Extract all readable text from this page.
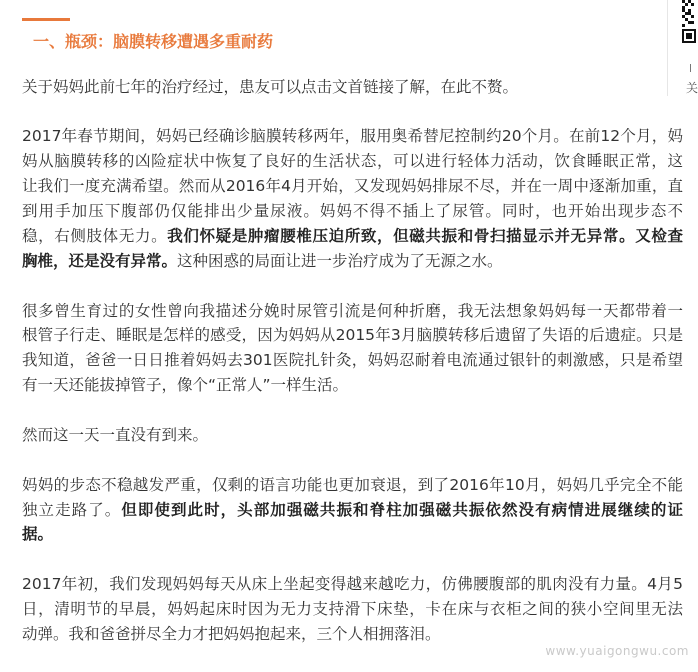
一、瓶颈：脑膜转移遭遇多重耐药
关
关于妈妈此前七年的治疗经过，患友可以点击文首链接了解，在此不赘。
2017年春节期间，妈妈已经确诊脑膜转移两年，服用奥希替尼控制约20个月。在前12个月，妈
妈从脑膜转移的凶险症状中恢复了良好的生活状态，可以进行轻体力活动，饮食睡眠正常，这
让我们一度充满希望。然而从2016年4月开始，又发现妈妈排尿不尽，并在一周中逐渐加重，直
到用手加压下腹部仍仅能排出少量尿液。妈妈不得不插上了尿管。同时，也开始出现步态不
稳，右侧肢体无力。我们怀疑是肿瘤腰椎压迫所致，但磁共振和骨扫描显示并无异常。又检查
胸椎，还是没有异常。这种困惑的局面让进一步治疗成为了无源之水。
很多曾生育过的女性曾向我描述分娩时尿管引流是何种折磨，我无法想象妈妈每一天都带着一
根管子行走、睡眠是怎样的感受，因为妈妈从2015年3月脑膜转移后遗留了失语的后遗症。只是
我知道，爸爸一日日推着妈妈去301医院扎针灸，妈妈忍耐着电流通过银针的刺激感，只是希望
有一天还能拔掉管子，像个“正常人”一样生活。
然而这一天一直没有到来。
妈妈的步态不稳越发严重，仅剩的语言功能也更加衰退，到了2016年10月，妈妈几乎完全不能
独立走路了。但即使到此时，头部加强磁共振和脊柱加强磁共振依然没有病情进展继续的证
据。
2017年初，我们发现妈妈每天从床上坐起变得越来越吃力，仿佛腰腹部的肌肉没有力量。4月5
日，清明节的早晨，妈妈起床时因为无力支持滑下床垫，卡在床与衣柜之间的狭小空间里无法
动弹。我和爸爸拼尽全力才把妈妈抱起来，三个人相拥落泪。
www.yuaigongwu.com
